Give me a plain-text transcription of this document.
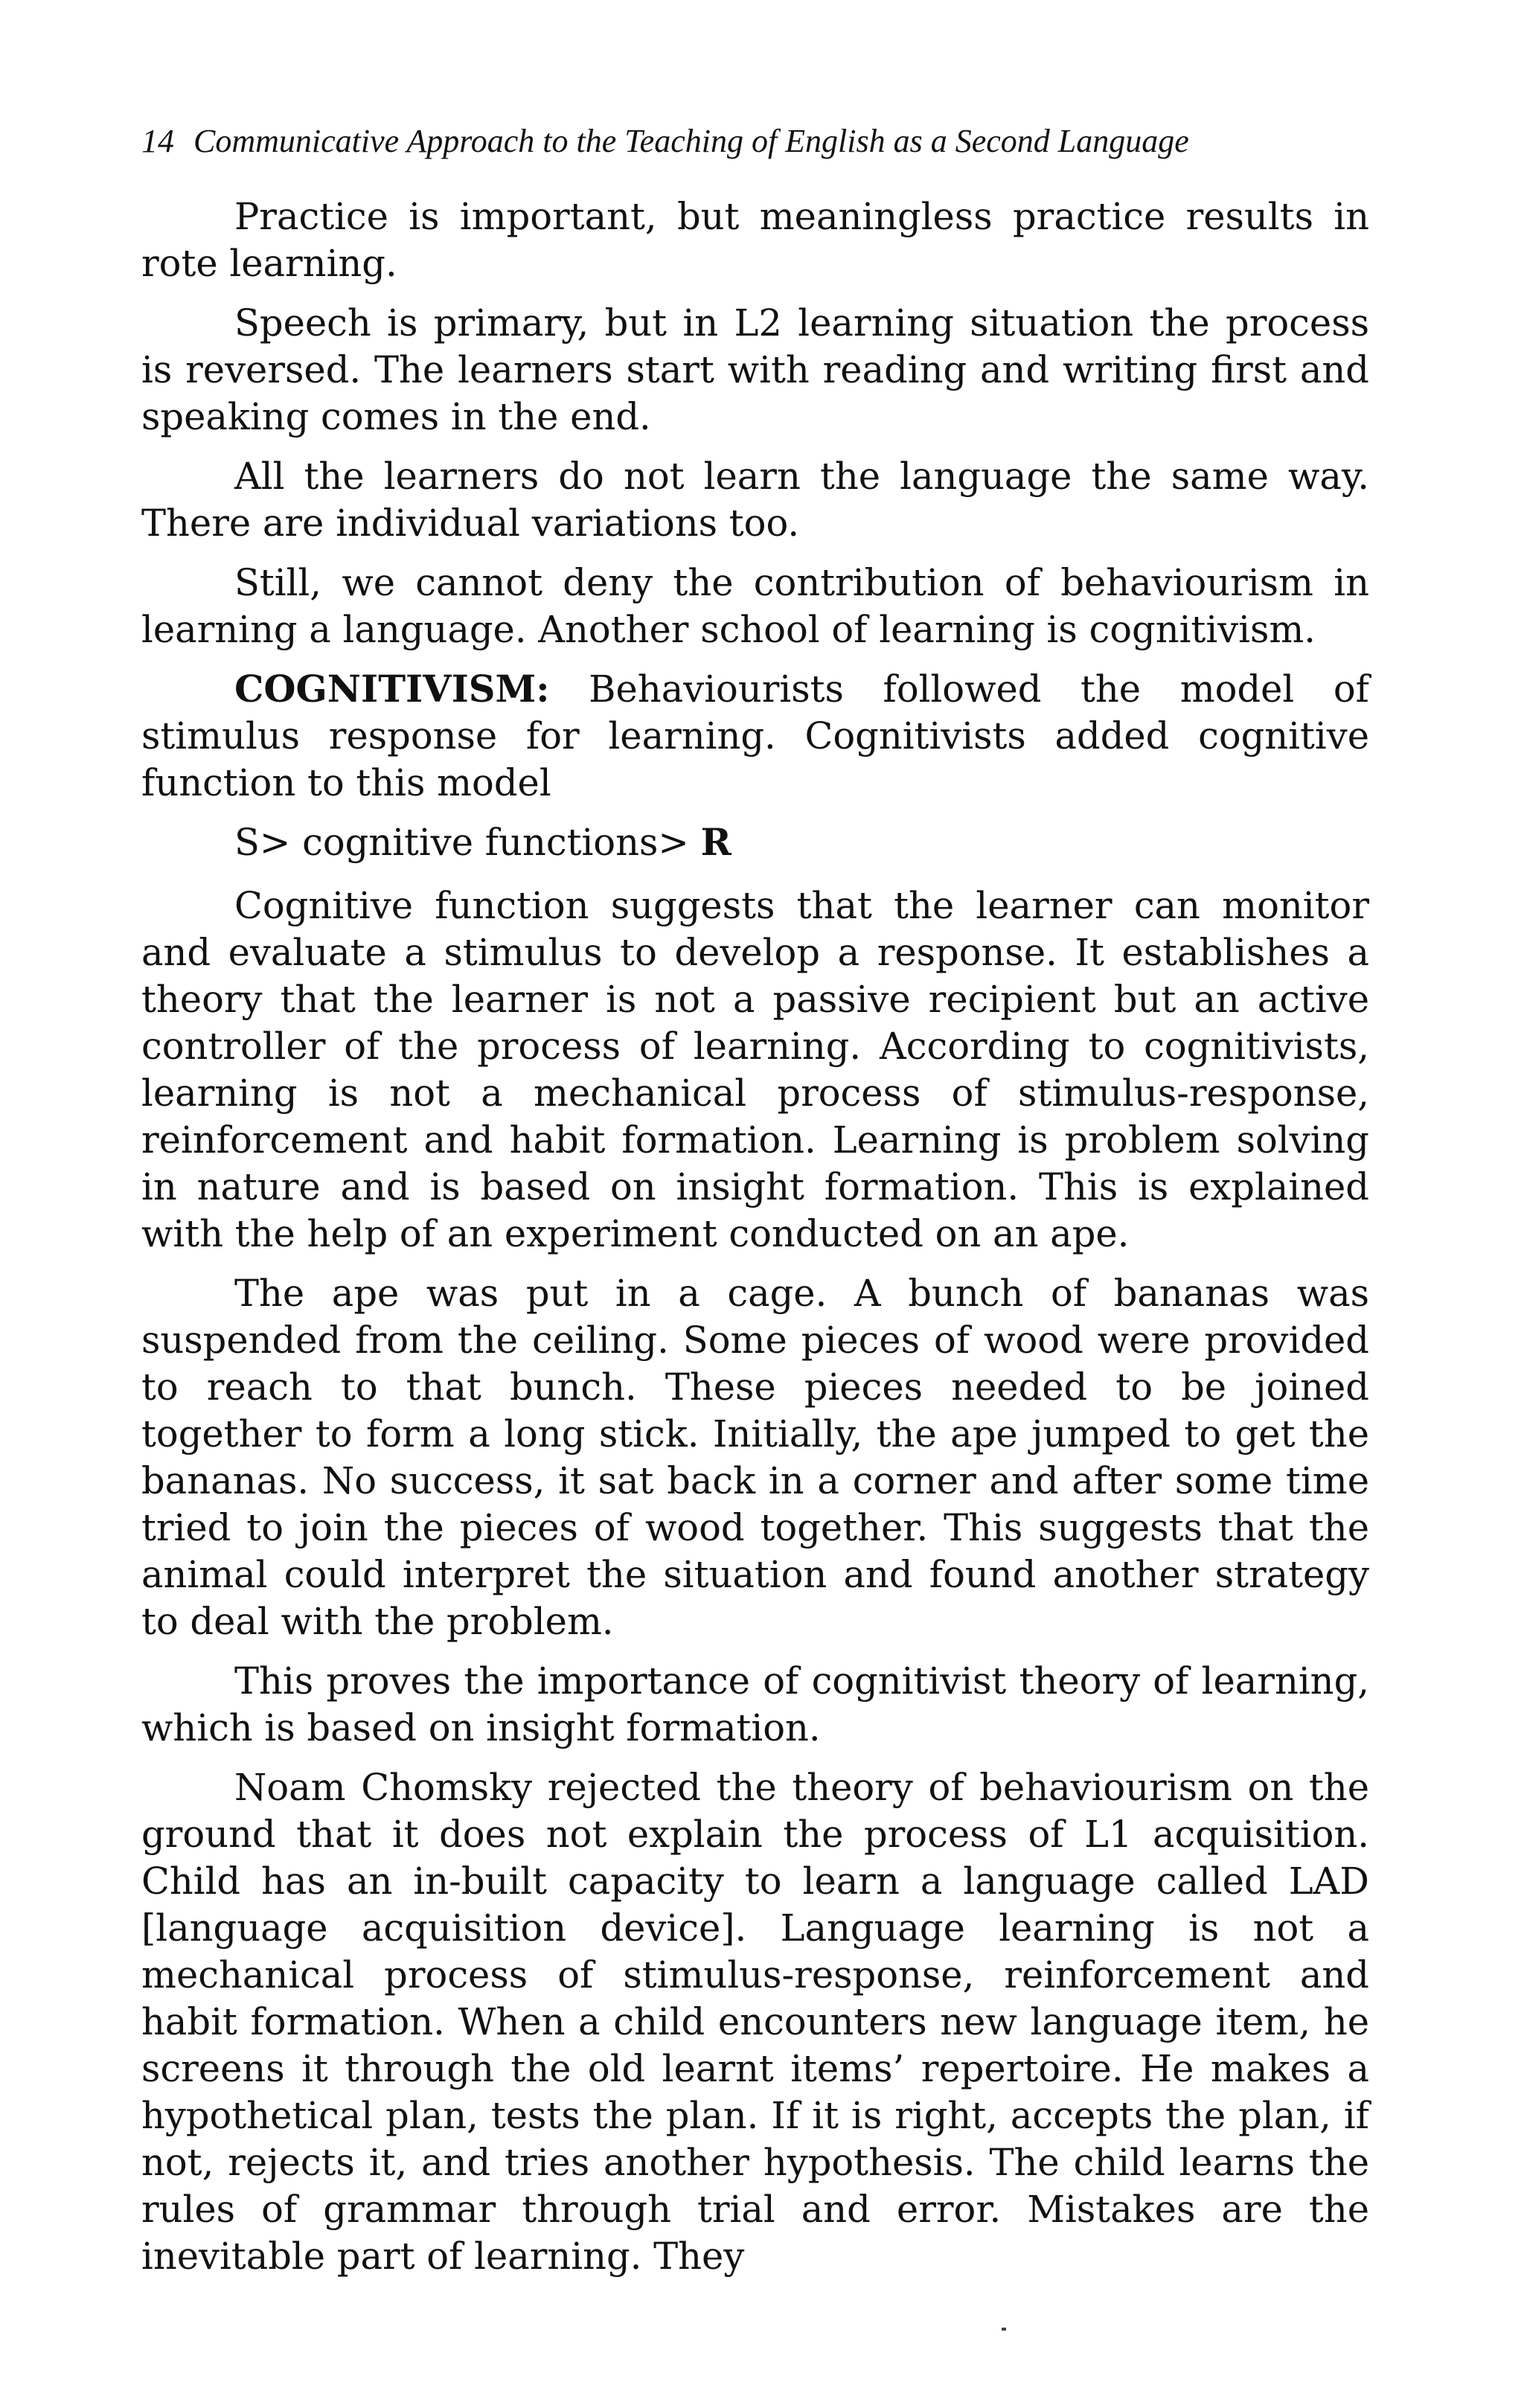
14 Communicative Approach to the Teaching of English as a Second Language

Practice is important, but meaningless practice results in rote learning.

Speech is primary, but in L2 learning situation the process is reversed. The learners start with reading and writing first and speaking comes in the end.

All the learners do not learn the language the same way. There are individual variations too.

Still, we cannot deny the contribution of behaviourism in learning a language. Another school of learning is cognitivism.

COGNITIVISM: Behaviourists followed the model of stimulus response for learning. Cognitivists added cognitive function to this model

S> cognitive functions> R

Cognitive function suggests that the learner can monitor and evaluate a stimulus to develop a response. It establishes a theory that the learner is not a passive recipient but an active controller of the process of learning. According to cognitivists, learning is not a mechanical process of stimulus-response, reinforcement and habit formation. Learning is problem solving in nature and is based on insight formation. This is explained with the help of an experiment conducted on an ape.

The ape was put in a cage. A bunch of bananas was suspended from the ceiling. Some pieces of wood were provided to reach to that bunch. These pieces needed to be joined together to form a long stick. Initially, the ape jumped to get the bananas. No success, it sat back in a corner and after some time tried to join the pieces of wood together. This suggests that the animal could interpret the situation and found another strategy to deal with the problem.

This proves the importance of cognitivist theory of learning, which is based on insight formation.

Noam Chomsky rejected the theory of behaviourism on the ground that it does not explain the process of L1 acquisition. Child has an in-built capacity to learn a language called LAD [language acquisition device]. Language learning is not a mechanical process of stimulus-response, reinforcement and habit formation. When a child encounters new language item, he screens it through the old learnt items’ repertoire. He makes a hypothetical plan, tests the plan. If it is right, accepts the plan, if not, rejects it, and tries another hypothesis. The child learns the rules of grammar through trial and error. Mistakes are the inevitable part of learning. They
